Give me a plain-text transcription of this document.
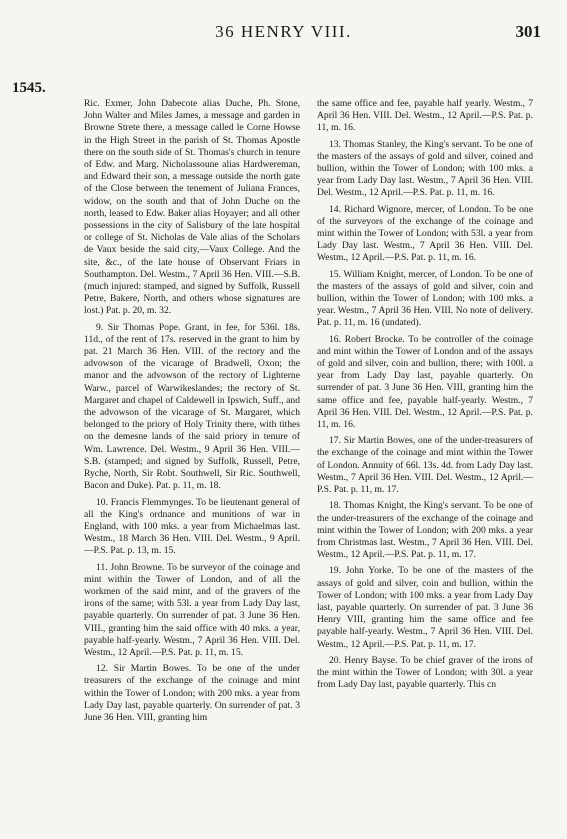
36 HENRY VIII.	301
1545.

Ric. Exmer, John Dabecote alias Duche, Ph. Stone, John Walter and Miles James, a message and garden in Browne Strete there, a message called le Corne Howse in the High Street in the parish of St. Thomas Apostle there on the south side of St. Thomas's church in tenure of Edw. and Marg. Nicholassoune alias Hardwereman, and Edward their son, a message outside the north gate of the Close between the tenement of Juliana Frances, widow, on the south and that of John Duche on the north, leased to Edw. Baker alias Hoyayer; and all other possessions in the city of Salisbury of the late hospital or college of St. Nicholas de Vale alias of the Scholars de Vaux beside the said city,—Vaux College. And the site, &c., of the late house of Observant Friars in Southampton. Del. Westm., 7 April 36 Hen. VIII.—S.B. (much injured: stamped, and signed by Suffolk, Russell Petre, Bakere, North, and others whose signatures are lost.) Pat. p. 20, m. 32.

9. Sir Thomas Pope. Grant, in fee, for 536l. 18s. 11d., of the rent of 17s. reserved in the grant to him by pat. 21 March 36 Hen. VIII. of the rectory and the advowson of the vicarage of Bradwell, Oxon; the manor and the advowson of the rectory of Lighterne Warw., parcel of Warwikeslandes; the rectory of St. Margaret and chapel of Caldewell in Ipswich, Suff., and the advowson of the vicarage of St. Margaret, which belonged to the priory of Holy Trinity there, with tithes on the demesne lands of the said priory in tenure of Wm. Lawrence. Del. Westm., 9 April 36 Hen. VIII.—S.B. (stamped; and signed by Suffolk, Russell, Petre, Ryche, North, Sir Robt. Southwell, Sir Ric. Southwell, Bacon and Duke). Pat. p. 11, m. 18.

10. Francis Flemmynges. To be lieutenant general of all the King's ordnance and munitions of war in England, with 100 mks. a year from Michaelmas last. Westm., 18 March 36 Hen. VIII. Del. Westm., 9 April.—P.S. Pat. p. 13, m. 15.

11. John Browne. To be surveyor of the coinage and mint within the Tower of London, and of all the workmen of the said mint, and of the gravers of the irons of the same; with 53l. a year from Lady Day last, payable quarterly. On surrender of pat. 3 June 36 Hen. VIII., granting him the said office with 40 mks. a year, payable half-yearly. Westm., 7 April 36 Hen. VIII. Del. Westm., 12 April.—P.S. Pat. p. 11, m. 15.

12. Sir Martin Bowes. To be one of the under treasurers of the exchange of the coinage and mint within the Tower of London; with 200 mks. a year from Lady Day last, payable quarterly. On surrender of pat. 3 June 36 Hen. VIII, granting him

the same office and fee, payable half yearly. Westm., 7 April 36 Hen. VIII. Del. Westm., 12 April.—P.S. Pat. p. 11, m. 16.

13. Thomas Stanley, the King's servant. To be one of the masters of the assays of gold and silver, coined and bullion, within the Tower of London; with 100 mks. a year from Lady Day last. Westm., 7 April 36 Hen. VIII. Del. Westm., 12 April.—P.S. Pat. p. 11, m. 16.

14. Richard Wignore, mercer, of London. To be one of the surveyors of the exchange of the coinage and mint within the Tower of London; with 53l. a year from Lady Day last. Westm., 7 April 36 Hen. VIII. Del. Westm., 12 April.—P.S. Pat. p. 11, m. 16.

15. William Knight, mercer, of London. To be one of the masters of the assays of gold and silver, coin and bullion, within the Tower of London; with 100 mks. a year. Westm., 7 April 36 Hen. VIII. No note of delivery. Pat. p. 11, m. 16 (undated).

16. Robert Brocke. To be controller of the coinage and mint within the Tower of London and of the assays of gold and silver, coin and bullion, there; with 100l. a year from Lady Day last, payable quarterly. On surrender of pat. 3 June 36 Hen. VIII, granting him the same office and fee, payable half-yearly. Westm., 7 April 36 Hen. VIII. Del. Westm., 12 April.—P.S. Pat. p. 11, m. 16.

17. Sir Martin Bowes, one of the under-treasurers of the exchange of the coinage and mint within the Tower of London. Annuity of 66l. 13s. 4d. from Lady Day last. Westm., 7 April 36 Hen. VIII. Del. Westm., 12 April.—P.S. Pat. p. 11, m. 17.

18. Thomas Knight, the King's servant. To be one of the under-treasurers of the exchange of the coinage and mint within the Tower of London; with 200 mks. a year from Christmas last. Westm., 7 April 36 Hen. VIII. Del. Westm., 12 April.—P.S. Pat. p. 11, m. 17.

19. John Yorke. To be one of the masters of the assays of gold and silver, coin and bullion, within the Tower of London; with 100 mks. a year from Lady Day last, payable quarterly. On surrender of pat. 3 June 36 Henry VIII, granting him the same office and fee payable half-yearly. Westm., 7 April 36 Hen. VIII. Del. Westm., 12 April.—P.S. Pat. p. 11, m. 17.

20. Henry Bayse. To be chief graver of the irons of the mint within the Tower of London; with 30l. a year from Lady Day last, payable quarterly. This cn
